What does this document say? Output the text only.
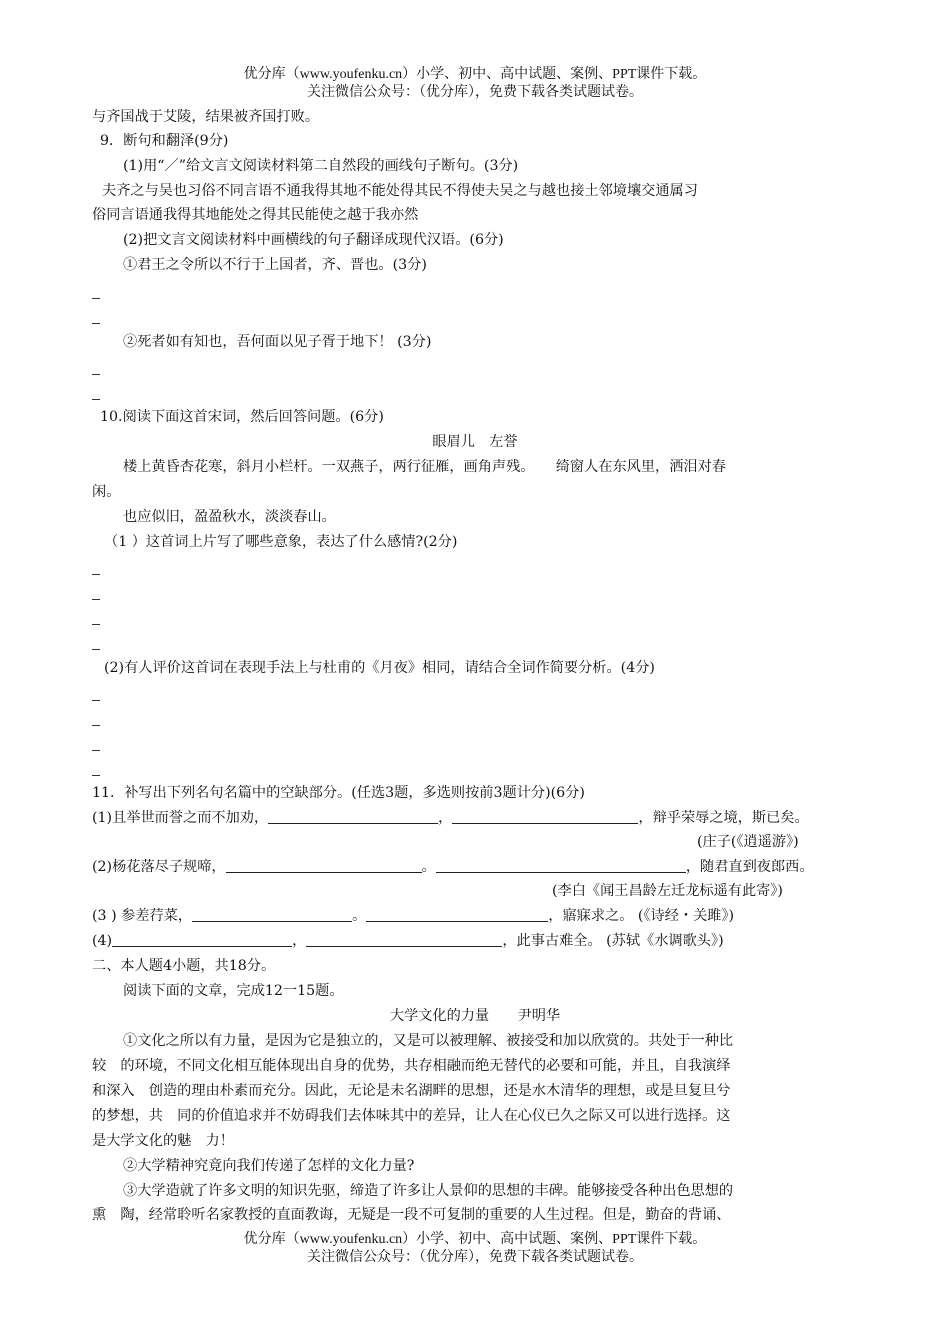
优分库（www.youfenku.cn）小学、初中、高中试题、案例、PPT课件下载。
关注微信公众号：（优分库），免费下载各类试题试卷。
与齐国战于艾陵，结果被齐国打败。
9．断句和翻泽(9分)
(1)用“／”给文言文阅读材料第二自然段的画线句子断句。(3分)
夫齐之与吴也习俗不同言语不通我得其地不能处得其民不得使夫吴之与越也接土邻境壤交通属习
俗同言语通我得其地能处之得其民能使之越于我亦然
(2)把文言文阅读材料中画横线的句子翻译成现代汉语。(6分)
①君王之令所以不行于上国者，齐、晋也。(3分)
②死者如有知也，吾何面以见子胥于地下！ (3分)
10.阅读下面这首宋词，然后回答问题。(6分)
眼眉儿　左誉
楼上黄昏杏花寒，斜月小栏杆。一双燕子，两行征雁，画角声残。　　绮窗人在东风里，洒泪对春
闲。
也应似旧，盈盈秋水，淡淡春山。
（1 ）这首词上片写了哪些意象，表达了什么感情?(2分)
(2)有人评价这首词在表现手法上与杜甫的《月夜》相同，请结合全词作简要分析。(4分)
11．补写出下列名句名篇中的空缺部分。(任选3题，多选则按前3题计分)(6分)
(1)且举世而誉之而不加劝，	，	，辩乎荣辱之境，斯已矣。
(庄子(《逍遥游》)
(2)杨花落尽子规啼，	。	，随君直到夜郎西。
(李白《闻王昌龄左迁龙标遥有此寄》)
(3 ) 参差荇菜，	。	，寤寐求之。 (《诗经・关雎》)
(4)	，	，此事古难全。 (苏轼《水调歌头》)
二、本人题4小题，共18分。
阅读下面的文章，完成12一15题。
大学文化的力量　　尹明华
①文化之所以有力量，是因为它是独立的，又是可以被理解、被接受和加以欣赏的。共处于一种比
较　的环境，不同文化相互能体现出自身的优势，共存相融而绝无替代的必要和可能，并且，自我演绎
和深入　创造的理由朴素而充分。因此，无论是未名湖畔的思想，还是水木清华的理想，或是旦复旦兮
的梦想，共　同的价值追求并不妨碍我们去体味其中的差异，让人在心仪已久之际又可以进行选择。这
是大学文化的魅　力！
②大学精神究竟向我们传递了怎样的文化力量?
③大学造就了许多文明的知识先驱，缔造了许多让人景仰的思想的丰碑。能够接受各种出色思想的
熏　陶，经常聆听名家教授的直面教诲，无疑是一段不可复制的重要的人生过程。但是，勤奋的背诵、
优分库（www.youfenku.cn）小学、初中、高中试题、案例、PPT课件下载。
关注微信公众号：（优分库），免费下载各类试题试卷。
